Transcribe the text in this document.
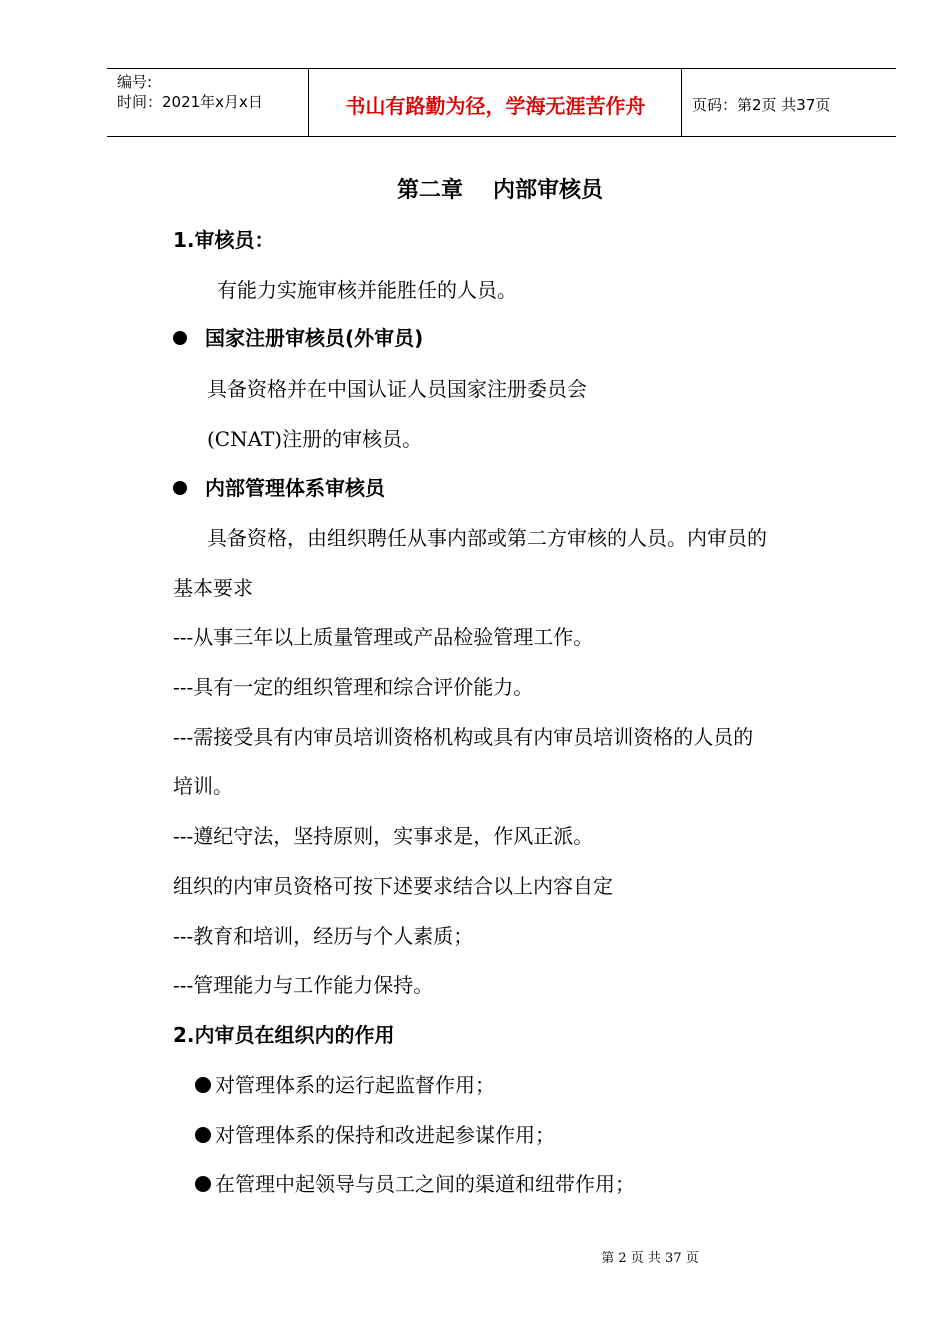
编号:
时间：2021年x月x日	书山有路勤为径，学海无涯苦作舟	页码：第2页 共37页
第二章 内部审核员
1.审核员：
有能力实施审核并能胜任的人员。
国家注册审核员(外审员)
具备资格并在中国认证人员国家注册委员会
(CNAT)注册的审核员。
内部管理体系审核员
具备资格，由组织聘任从事内部或第二方审核的人员。内审员的
基本要求
---从事三年以上质量管理或产品检验管理工作。
---具有一定的组织管理和综合评价能力。
---需接受具有内审员培训资格机构或具有内审员培训资格的人员的
培训。
---遵纪守法，坚持原则，实事求是，作风正派。
组织的内审员资格可按下述要求结合以上内容自定
---教育和培训，经历与个人素质；
---管理能力与工作能力保持。
2.内审员在组织内的作用
对管理体系的运行起监督作用；
对管理体系的保持和改进起参谋作用；
在管理中起领导与员工之间的渠道和纽带作用；
第 2 页 共 37 页
